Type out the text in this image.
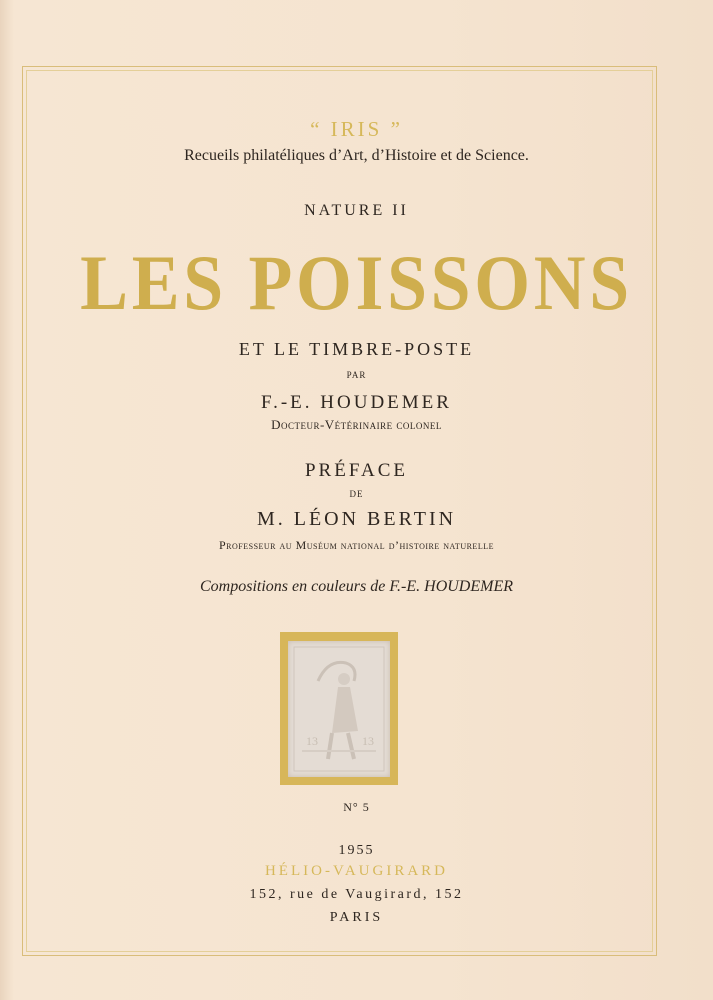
“ IRIS ”
Recueils philatéliques d’Art, d’Histoire et de Science.
NATURE II
LES POISSONS
ET LE TIMBRE-POSTE
PAR
F.-E. HOUDEMER
Docteur-Vétérinaire colonel
PRÉFACE
DE
M. LÉON BERTIN
Professeur au Muséum national d’histoire naturelle
Compositions en couleurs de F.-E. HOUDEMER
13	13
N° 5
1955
HÉLIO-VAUGIRARD
152, rue de Vaugirard, 152
PARIS
